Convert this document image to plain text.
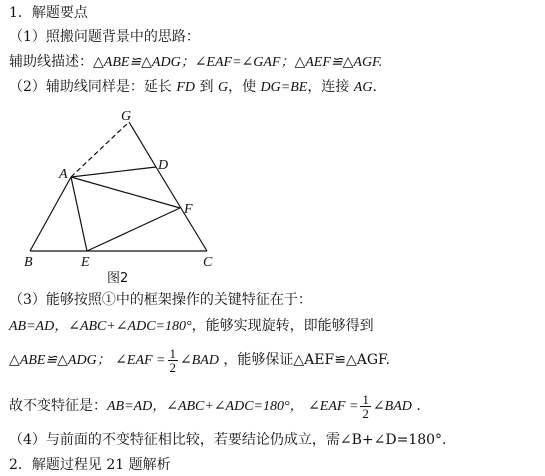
1．解题要点
（1）照搬问题背景中的思路：
辅助线描述：△ABE≌△ADG；∠EAF=∠GAF；△AEF≌△AGF.
（2）辅助线同样是：延长 FD 到 G，使 DG=BE，连接 AG.
G
A
D
F
B	E	C
图2
（3）能够按照①中的框架操作的关键特征在于：
AB=AD，∠ABC+∠ADC=180°，能够实现旋转，即能够得到
△ABE≌△ADG； ∠EAF = $\frac{1}{2}$ ∠BAD ，能够保证△AEF≌△AGF.
故不变特征是：AB=AD，∠ABC+∠ADC=180°， ∠EAF = $\frac{1}{2}$ ∠BAD .
（4）与前面的不变特征相比较，若要结论仍成立，需∠B+∠D=180°.
2．解题过程见 21 题解析
